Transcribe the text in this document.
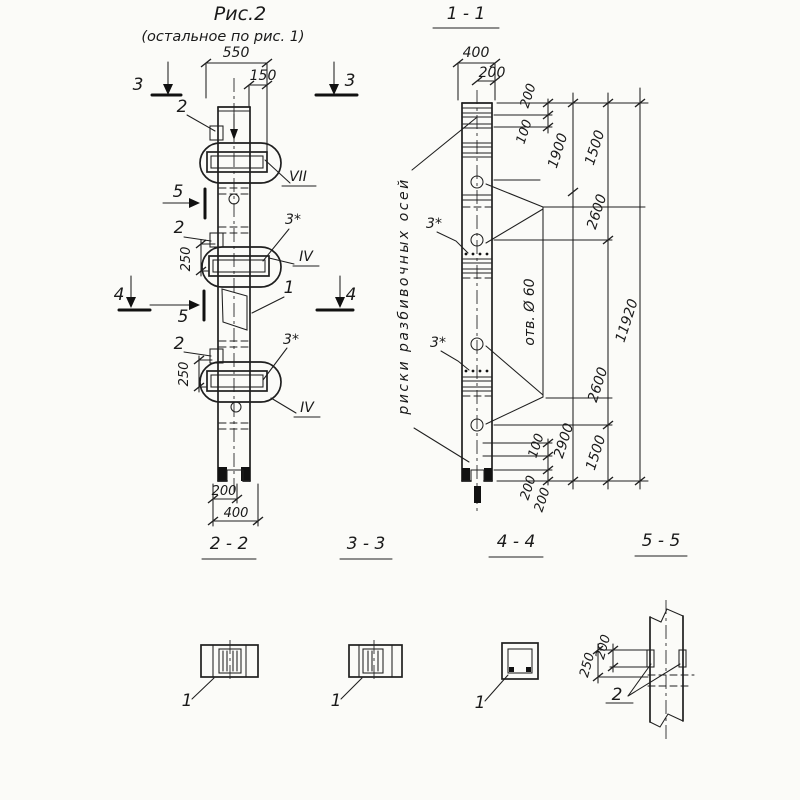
Рис.2
(остальное по рис. 1)
550
150
250
250
200
400
3	3
4	4
5
5
2
2
2
1
3*
3*
VII
IV
IV
1 - 1
400
200
200
100 1900 1500
2600
2600
2900 1500
11920
100
200
200
отв. Ø 60
риски разбивочных осей 3*
3*
2 - 2
1
3 - 3
1
4 - 4
1
5 - 5
200
250
2
